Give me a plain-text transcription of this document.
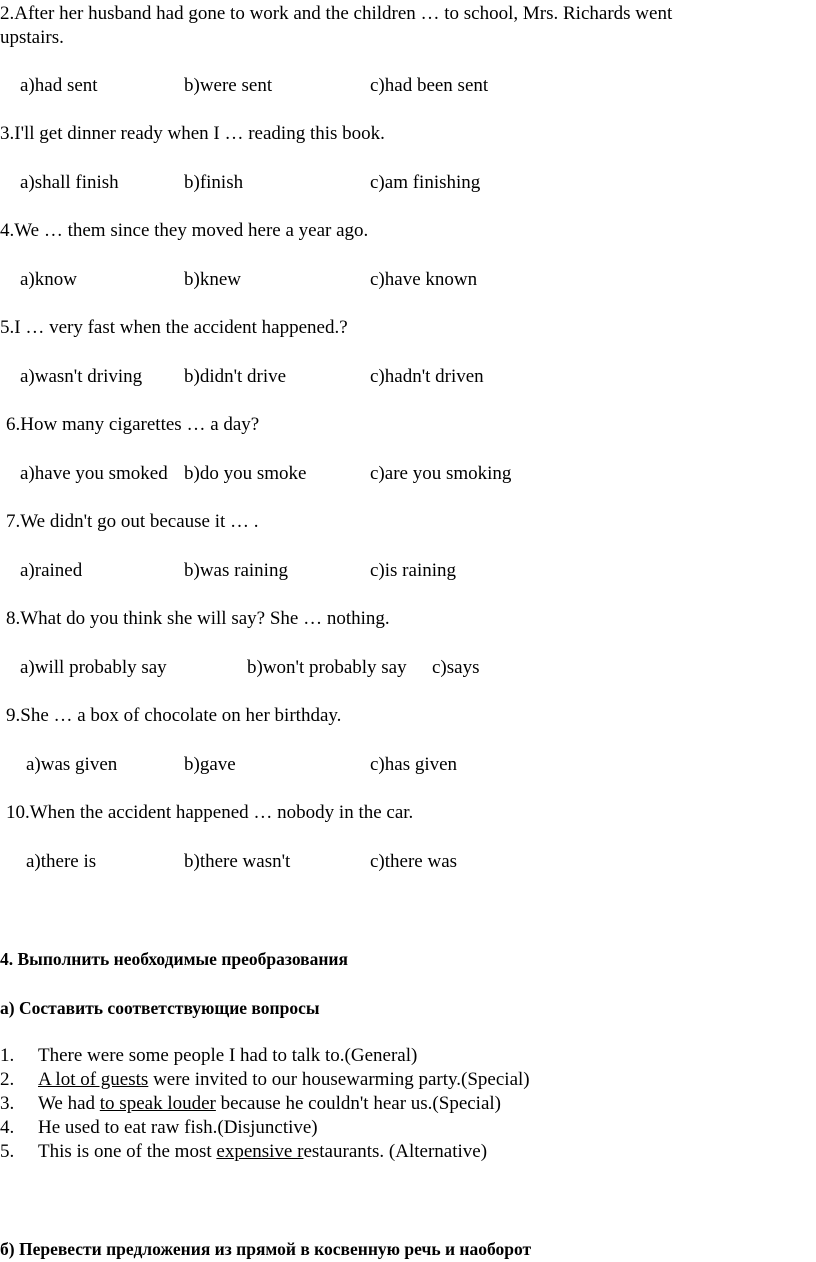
2.After her husband had gone to work and the children … to school, Mrs. Richards went
upstairs.
a)had sent	b)were sent	c)had been sent
3.I'll get dinner ready when I … reading this book.
a)shall finish	b)finish	c)am finishing
4.We … them since they moved here a year ago.
a)know	b)knew	c)have known
5.I … very fast when the accident happened.?
a)wasn't driving b)didn't drive	c)hadn't driven
6.How many cigarettes … a day?
a)have you smoked b)do you smoke	c)are you smoking
7.We didn't go out because it … .
a)rained	b)was raining	c)is raining
8.What do you think she will say? She … nothing.
a)will probably say	b)won't probably say c)says
9.She … a box of chocolate on her birthday.
a)was given	b)gave	c)has given
10.When the accident happened … nobody in the car.
a)there is	b)there wasn't	c)there was
4. Выполнить необходимые преобразования
а) Составить соответствующие вопросы
1. There were some people I had to talk to.(General)
2. A lot of guests were invited to our housewarming party.(Special)
3. We had to speak louder because he couldn't hear us.(Special)
4. He used to eat raw fish.(Disjunctive)
5. This is one of the most expensive restaurants. (Alternative)
б) Перевести предложения из прямой в косвенную речь и наоборот
